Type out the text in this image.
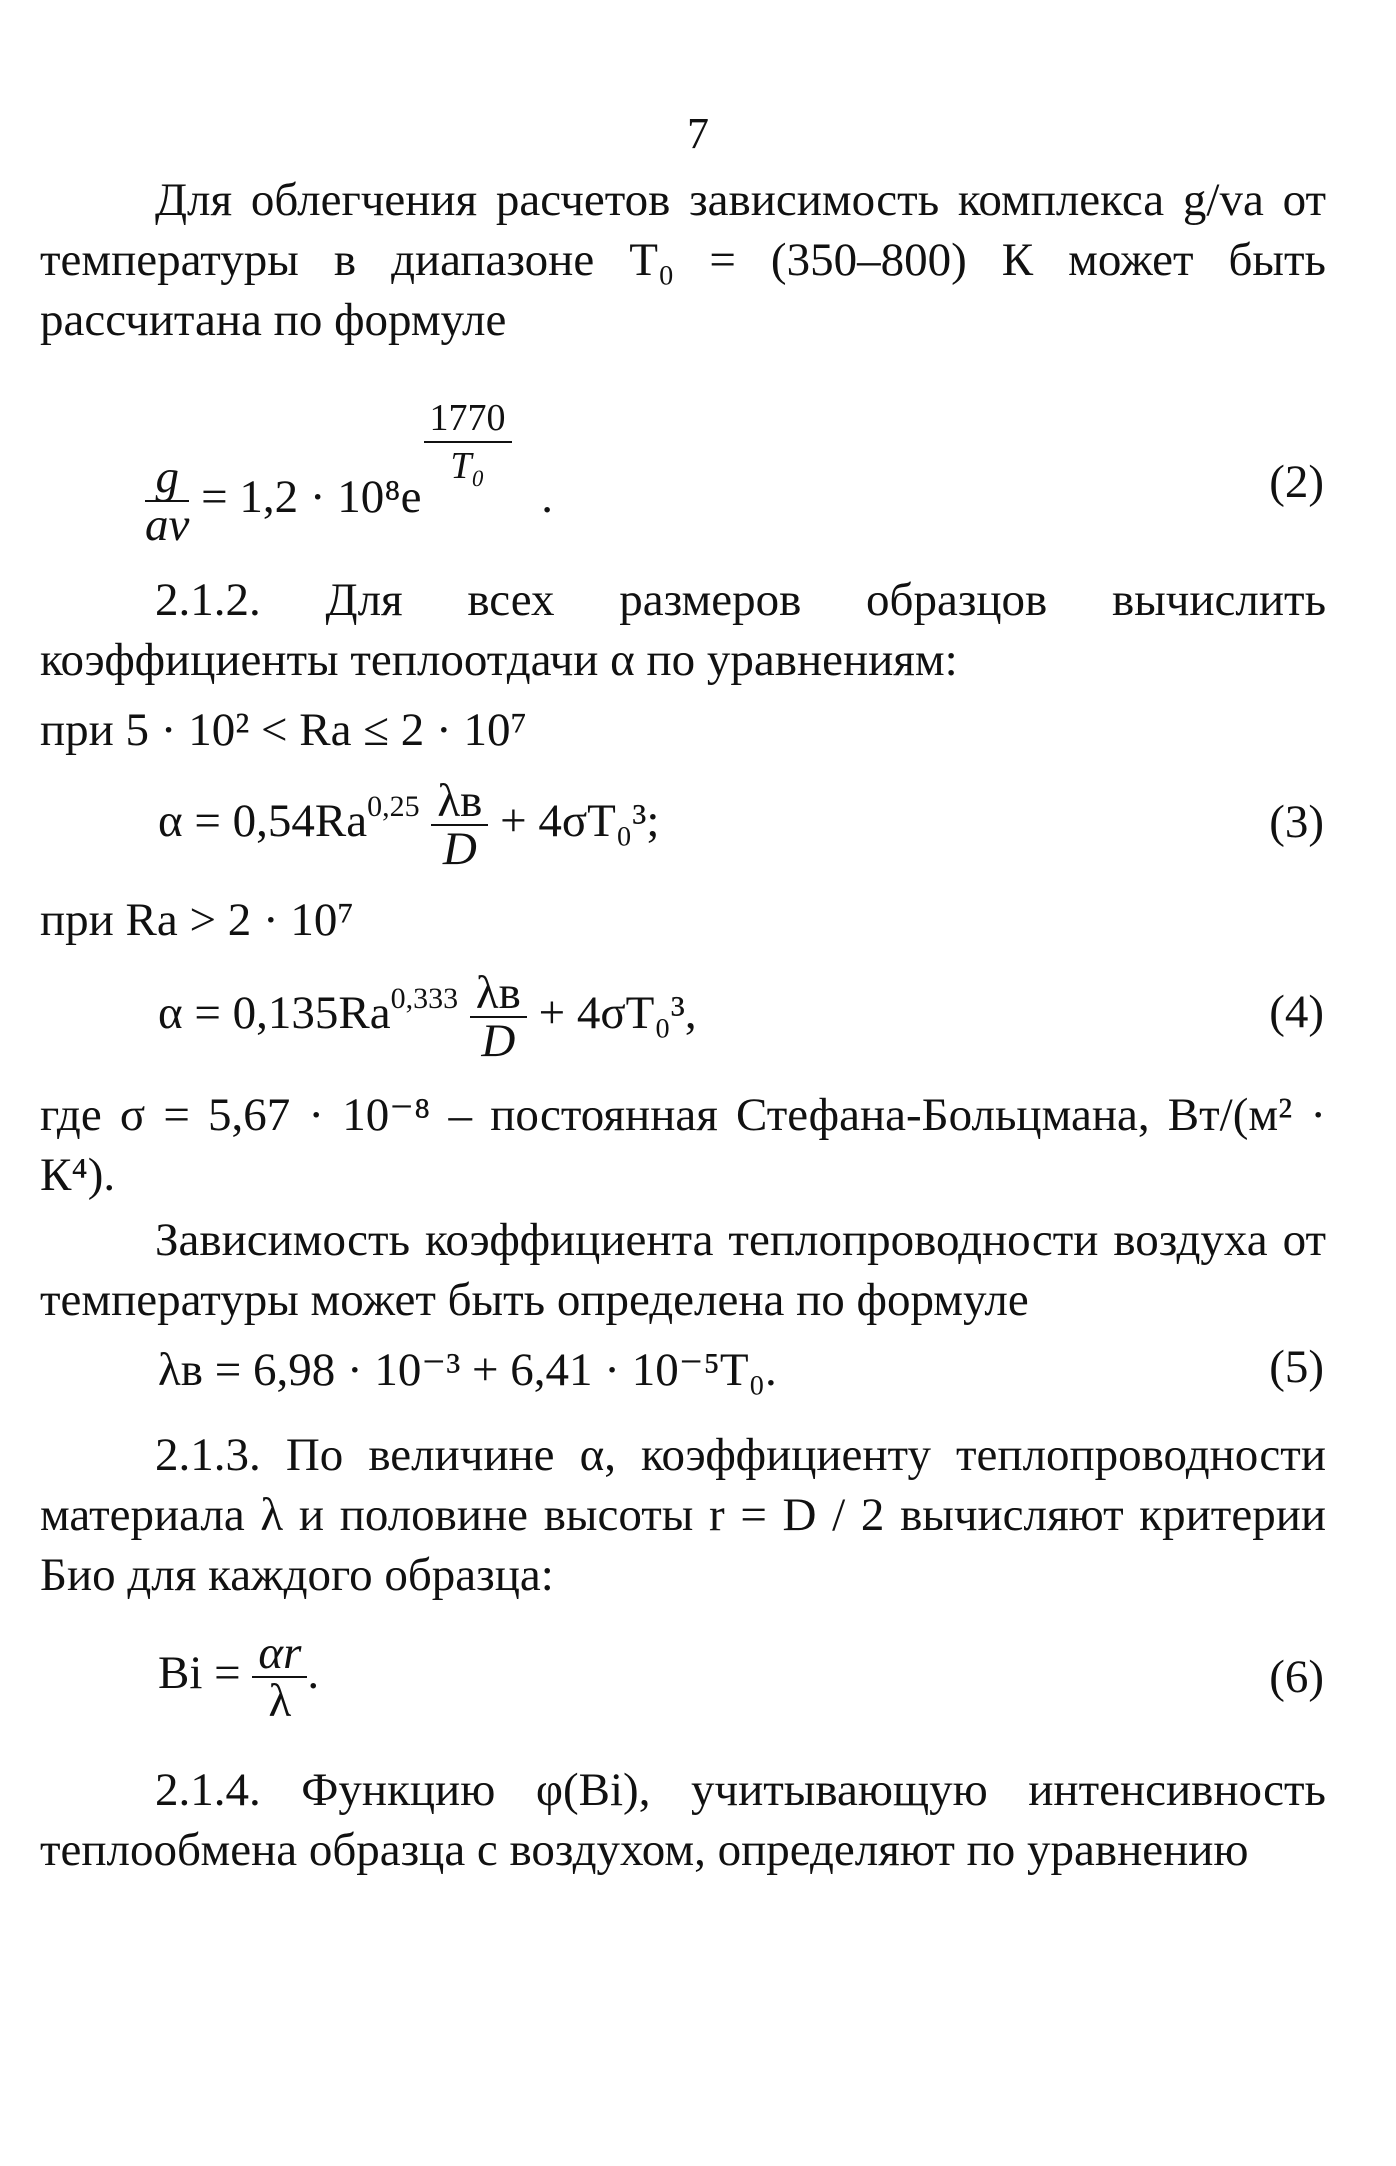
7
Для облегчения расчетов зависимость комплекса g/va от температуры в диапазоне T₀ = (350–800) К может быть рассчитана по формуле
$\frac{g}{av} = 1,2 \cdot 10^8e$
$\frac{1770}{\text{T₀}}$
.	(2)
2.1.2. Для всех размеров образцов вычислить коэффициенты теплоотдачи α по уравнениям:
при 5 · 10² < Ra ≤ 2 · 10⁷
$\alpha = 0,54Ra^{0,25} \frac{\lambda в}{D} + 4\sigma T_0^3$;	(3)
при Ra > 2 · 10⁷
$\alpha = 0,135Ra^{0,333} \frac{\lambda в}{D} + 4\sigma T_0^3$,	(4)
где σ = 5,67 · 10⁻⁸ – постоянная Стефана-Больцмана, Вт/(м² · К⁴).
Зависимость коэффициента теплопроводности воздуха от температуры может быть определена по формуле
λв = 6,98 · 10⁻³ + 6,41 · 10⁻⁵T₀.	(5)
2.1.3. По величине α, коэффициенту теплопроводности материала λ и половине высоты r = D / 2 вычисляют критерии Био для каждого образца:
$Bi = \frac{\alpha r}{\lambda}$ .	(6)
2.1.4. Функцию φ(Bi), учитывающую интенсивность теплообмена образца с воздухом, определяют по уравнению
